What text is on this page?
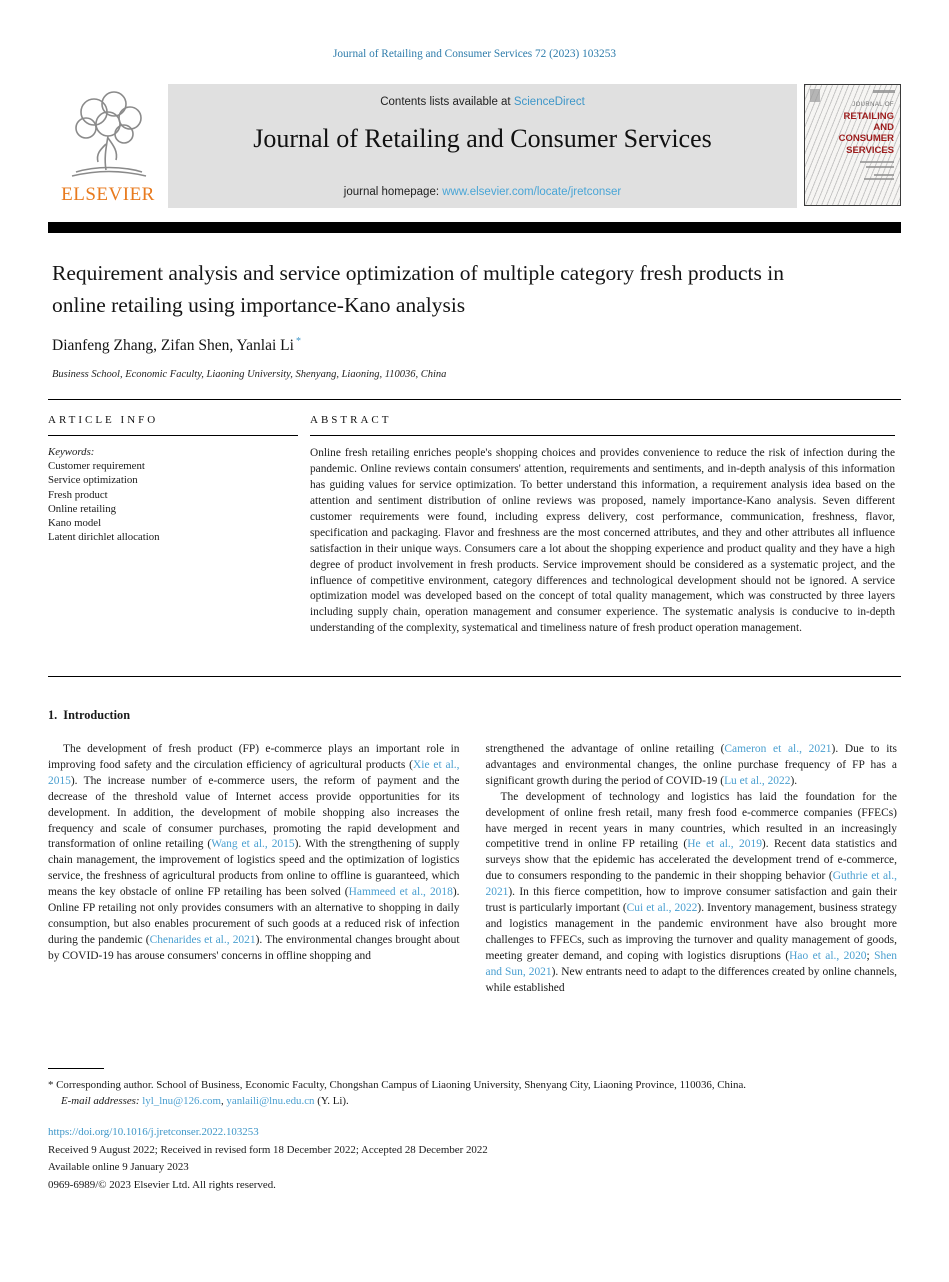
Journal of Retailing and Consumer Services 72 (2023) 103253
ELSEVIER
Contents lists available at ScienceDirect
Journal of Retailing and Consumer Services
journal homepage: www.elsevier.com/locate/jretconser
JOURNAL OF
RETAILING
AND
CONSUMER
SERVICES
Requirement analysis and service optimization of multiple category fresh products in online retailing using importance-Kano analysis
Dianfeng Zhang, Zifan Shen, Yanlai Li *
Business School, Economic Faculty, Liaoning University, Shenyang, Liaoning, 110036, China
ARTICLE INFO
Keywords:
Customer requirement
Service optimization
Fresh product
Online retailing
Kano model
Latent dirichlet allocation
ABSTRACT
Online fresh retailing enriches people's shopping choices and provides convenience to reduce the risk of infection during the pandemic. Online reviews contain consumers' attention, requirements and sentiments, and in-depth analysis of this information has guiding values for service optimization. To better understand this information, a requirement analysis idea based on the attention and sentiment distribution of online reviews was proposed, namely importance-Kano analysis. Seven different customer requirements were found, including express delivery, cost performance, communication, freshness, flavor, specification and packaging. Flavor and freshness are the most concerned attributes, and they and other attributes all influence satisfaction in their unique ways. Consumers care a lot about the shopping experience and product quality and they have a high degree of product involvement in fresh products. Service improvement should be considered as a systematic project, and the influence of competitive environment, category differences and technological development should not be ignored. A service optimization model was developed based on the concept of total quality management, which was constructed by three layers including supply chain, operation management and consumer experience. The systematic analysis is conducive to in-depth understanding of the complexity, systematical and timeliness nature of fresh product operation management.
1. Introduction

The development of fresh product (FP) e-commerce plays an important role in improving food safety and the circulation efficiency of agricultural products (Xie et al., 2015). The increase number of e-commerce users, the reform of payment and the decrease of the threshold value of Internet access provide opportunities for its development. In addition, the development of mobile shopping also increases the frequency and scale of consumer purchases, promoting the rapid development and transformation of online retailing (Wang et al., 2015). With the strengthening of supply chain management, the improvement of logistics speed and the optimization of logistics service, the freshness of agricultural products from online to offline is guaranteed, which means the key obstacle of online FP retailing has been solved (Hammeed et al., 2018). Online FP retailing not only provides consumers with an alternative to shopping in daily consumption, but also enables procurement of such goods at a reduced risk of infection during the pandemic (Chenarides et al., 2021). The environmental changes brought about by COVID-19 has arouse consumers' concerns in offline shopping and

strengthened the advantage of online retailing (Cameron et al., 2021). Due to its advantages and environmental changes, the online purchase frequency of FP has a significant growth during the period of COVID-19 (Lu et al., 2022).

The development of technology and logistics has laid the foundation for the development of online fresh retail, many fresh food e-commerce companies (FFECs) have merged in recent years in many countries, which resulted in an increasingly competitive trend in online FP retailing (He et al., 2019). Recent data statistics and surveys show that the epidemic has accelerated the development trend of e-commerce, due to consumers responding to the pandemic in their shopping behavior (Guthrie et al., 2021). In this fierce competition, how to improve consumer satisfaction and gain their trust is particularly important (Cui et al., 2022). Inventory management, business strategy and logistics management in the pandemic environment have also brought more challenges to FFECs, such as improving the turnover and quality management of goods, meeting greater demand, and coping with logistics disruptions (Hao et al., 2020; Shen and Sun, 2021). New entrants need to adapt to the differences created by online channels, while established

* Corresponding author. School of Business, Economic Faculty, Chongshan Campus of Liaoning University, Shenyang City, Liaoning Province, 110036, China.
E-mail addresses: lyl_lnu@126.com, yanlaili@lnu.edu.cn (Y. Li).
https://doi.org/10.1016/j.jretconser.2022.103253
Received 9 August 2022; Received in revised form 18 December 2022; Accepted 28 December 2022
Available online 9 January 2023
0969-6989/© 2023 Elsevier Ltd. All rights reserved.
